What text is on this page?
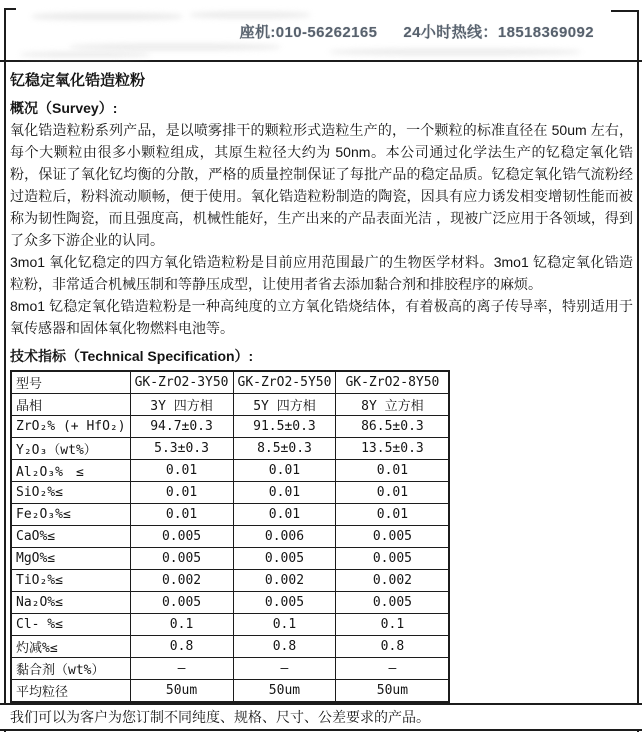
座机:010-56262165 24小时热线：18518369092
钇稳定氧化锆造粒粉
概况（Survey）:

氧化锆造粒粉系列产品，是以喷雾排干的颗粒形式造粒生产的，一个颗粒的标准直径在 50um 左右，每个大颗粒由很多小颗粒组成，其原生粒径大约为 50nm。本公司通过化学法生产的钇稳定氧化锆粉，保证了氧化钇均衡的分散，严格的质量控制保证了每批产品的稳定品质。钇稳定氧化锆气流粉经过造粒后，粉料流动顺畅，便于使用。氧化锆造粒粉制造的陶瓷，因具有应力诱发相变增韧性能而被称为韧性陶瓷，而且强度高，机械性能好，生产出来的产品表面光洁 ，现被广泛应用于各领域，得到了众多下游企业的认同。

3mo1 氧化钇稳定的四方氧化锆造粒粉是目前应用范围最广的生物医学材料。3mo1 钇稳定氧化锆造粒粉，非常适合机械压制和等静压成型，让使用者省去添加黏合剂和排胶程序的麻烦。

8mo1 钇稳定氧化锆造粒粉是一种高纯度的立方氧化锆烧结体，有着极高的离子传导率，特别适用于氧传感器和固体氧化物燃料电池等。

技术指标（Technical Specification）:
型号	GK-ZrO2-3Y50	GK-ZrO2-5Y50	GK-ZrO2-8Y50
晶相	3Y 四方相	5Y 四方相	8Y 立方相
ZrO₂% (+ HfO₂)	94.7±0.3	91.5±0.3	86.5±0.3
Y₂O₃（wt%）	5.3±0.3	8.5±0.3	13.5±0.3
Al₂O₃%　≤	0.01	0.01	0.01
SiO₂%≤	0.01	0.01	0.01
Fe₂O₃%≤	0.01	0.01	0.01
CaO%≤	0.005	0.006	0.005
MgO%≤	0.005	0.005	0.005
TiO₂%≤	0.002	0.002	0.002
Na₂O%≤	0.005	0.005	0.005
Cl- %≤	0.1	0.1	0.1
灼减%≤	0.8	0.8	0.8
黏合剂（wt%）	–	–	–
平均粒径	50um	50um	50um
我们可以为客户为您订制不同纯度、规格、尺寸、公差要求的产品。
